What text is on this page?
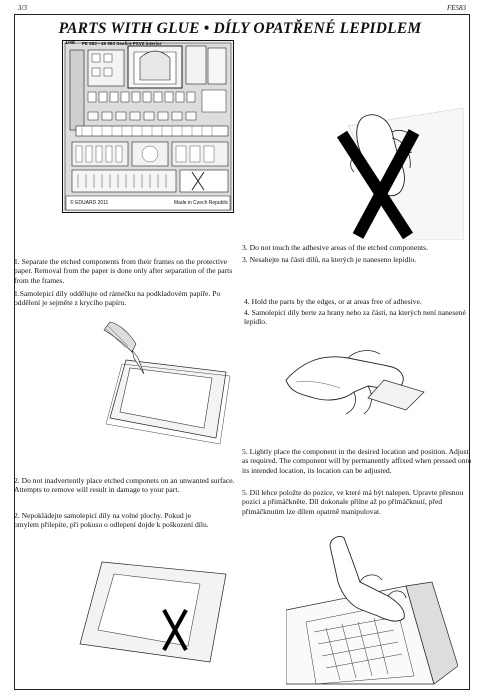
3/3	FE583
PARTS WITH GLUE • DÍLY OPATŘENÉ LEPIDLEM
1/48 FE 583 • 49 583 Seafire FXVII interior
© EDUARD 2011	Made in Czech Republic
3. Do not touch the adhesive areas of the etched components.
3. Nesahejte na části dílů, na kterých je naneseno lepidlo.
1. Separate the etched components from their frames on the protective paper. Removal from the paper is done only after separation of the parts from the frames.
1.Samolepicí díly oddělujte od rámečku na podkladovém papíře. Po oddělení je sejměte z krycího papíru.	4. Hold the parts by the edges, or at areas free of adhesive.
4. Samolepicí díly berte za hrany nebo za části, na kterých není nanesené lepidlo.
5. Lightly place the component in the desired location and position. Adjust as required. The component will by permanently affixed when pressed onto its intended location, its location can be adjusted.
5. Díl lehce položte do pozice, ve které má být nalepen. Upravte přesnou pozici a přimáčkněte. Díl dokonale přilne až po přimáčknutí, před přimáčknutím lze dílem opatrně manipulovat.
2. Do not inadvertently place etched componets on an unwanted surface. Attempts to remove will result in damage to your part.
2. Nepokládejte samolepicí díly na volné plochy. Pokud je omylem přilepíte, při pokusu o odlepení dojde k poškození dílu.
